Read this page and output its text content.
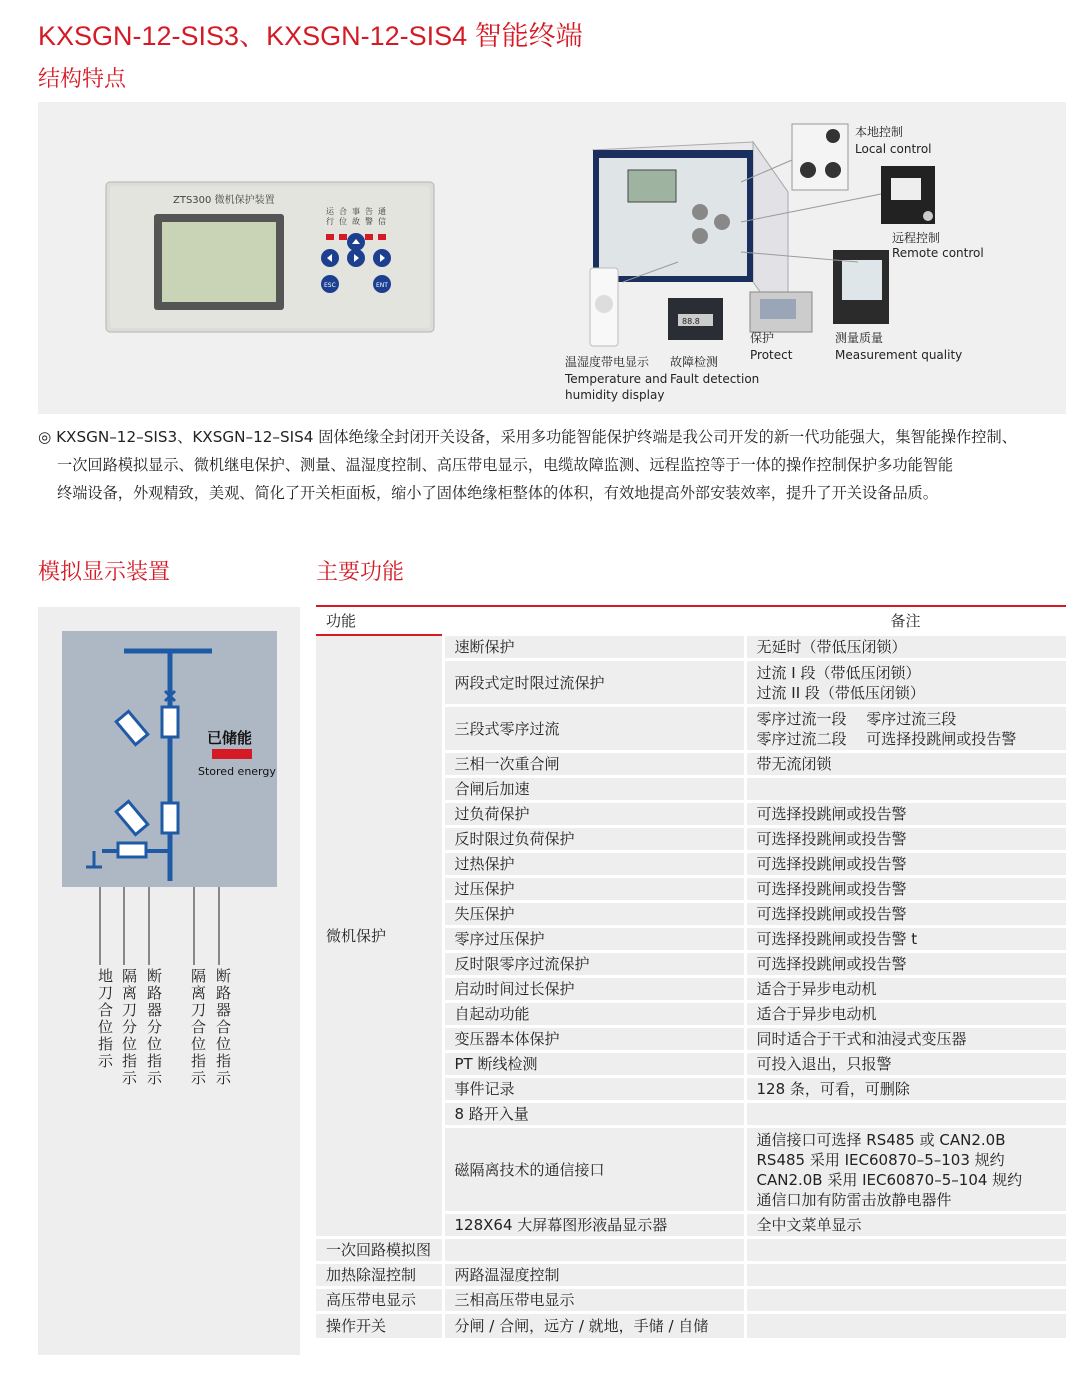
KXSGN-12-SIS3、KXSGN-12-SIS4 智能终端
结构特点
ZTS300 微机保护装置
运
行
合
位
事
故
告
警
通
信
ESC	ENT
本地控制
Local control
远程控制
Remote control
温湿度带电显示
Temperature and
humidity display
88.8
故障检测
Fault detection
保护
Protect
测量质量
Measurement quality
◎ KXSGN–12–SIS3、KXSGN–12–SIS4 固体绝缘全封闭开关设备，采用多功能智能保护终端是我公司开发的新一代功能强大，集智能操作控制、
一次回路模拟显示、微机继电保护、测量、温湿度控制、高压带电显示，电缆故障监测、远程监控等于一体的操作控制保护多功能智能
终端设备，外观精致，美观、简化了开关柜面板，缩小了固体绝缘柜整体的体积，有效地提高外部安装效率，提升了开关设备品质。
模拟显示装置
已储能
Stored energy
地刀合位指示 隔离刀分位指示 断路器分位指示 隔离刀合位指示 断路器合位指示
主要功能
功能		备注
微机保护	速断保护	无延时（带低压闭锁）

	两段式定时限过流保护	过流 I 段（带低压闭锁）
过流 II 段（带低压闭锁）

	三段式零序过流	零序过流一段　 零序过流三段
零序过流二段　 可选择投跳闸或投告警

	三相一次重合闸	带无流闭锁

	合闸后加速	

	过负荷保护	可选择投跳闸或投告警

	反时限过负荷保护	可选择投跳闸或投告警

	过热保护	可选择投跳闸或投告警

	过压保护	可选择投跳闸或投告警

	失压保护	可选择投跳闸或投告警

	零序过压保护	可选择投跳闸或投告警 t

	反时限零序过流保护	可选择投跳闸或投告警

	启动时间过长保护	适合于异步电动机

	自起动功能	适合于异步电动机

	变压器本体保护	同时适合于干式和油浸式变压器

	PT 断线检测	可投入退出，只报警

	事件记录	128 条，可看，可删除

	8 路开入量	

	磁隔离技术的通信接口	通信接口可选择 RS485 或 CAN2.0B
RS485 采用 IEC60870–5–103 规约
CAN2.0B 采用 IEC60870–5–104 规约
通信口加有防雷击放静电器件

	128X64 大屏幕图形液晶显示器	全中文菜单显示

一次回路模拟图		
加热除湿控制	两路温湿度控制	
高压带电显示	三相高压带电显示	
操作开关	分闸 / 合闸，远方 / 就地，手储 / 自储	
